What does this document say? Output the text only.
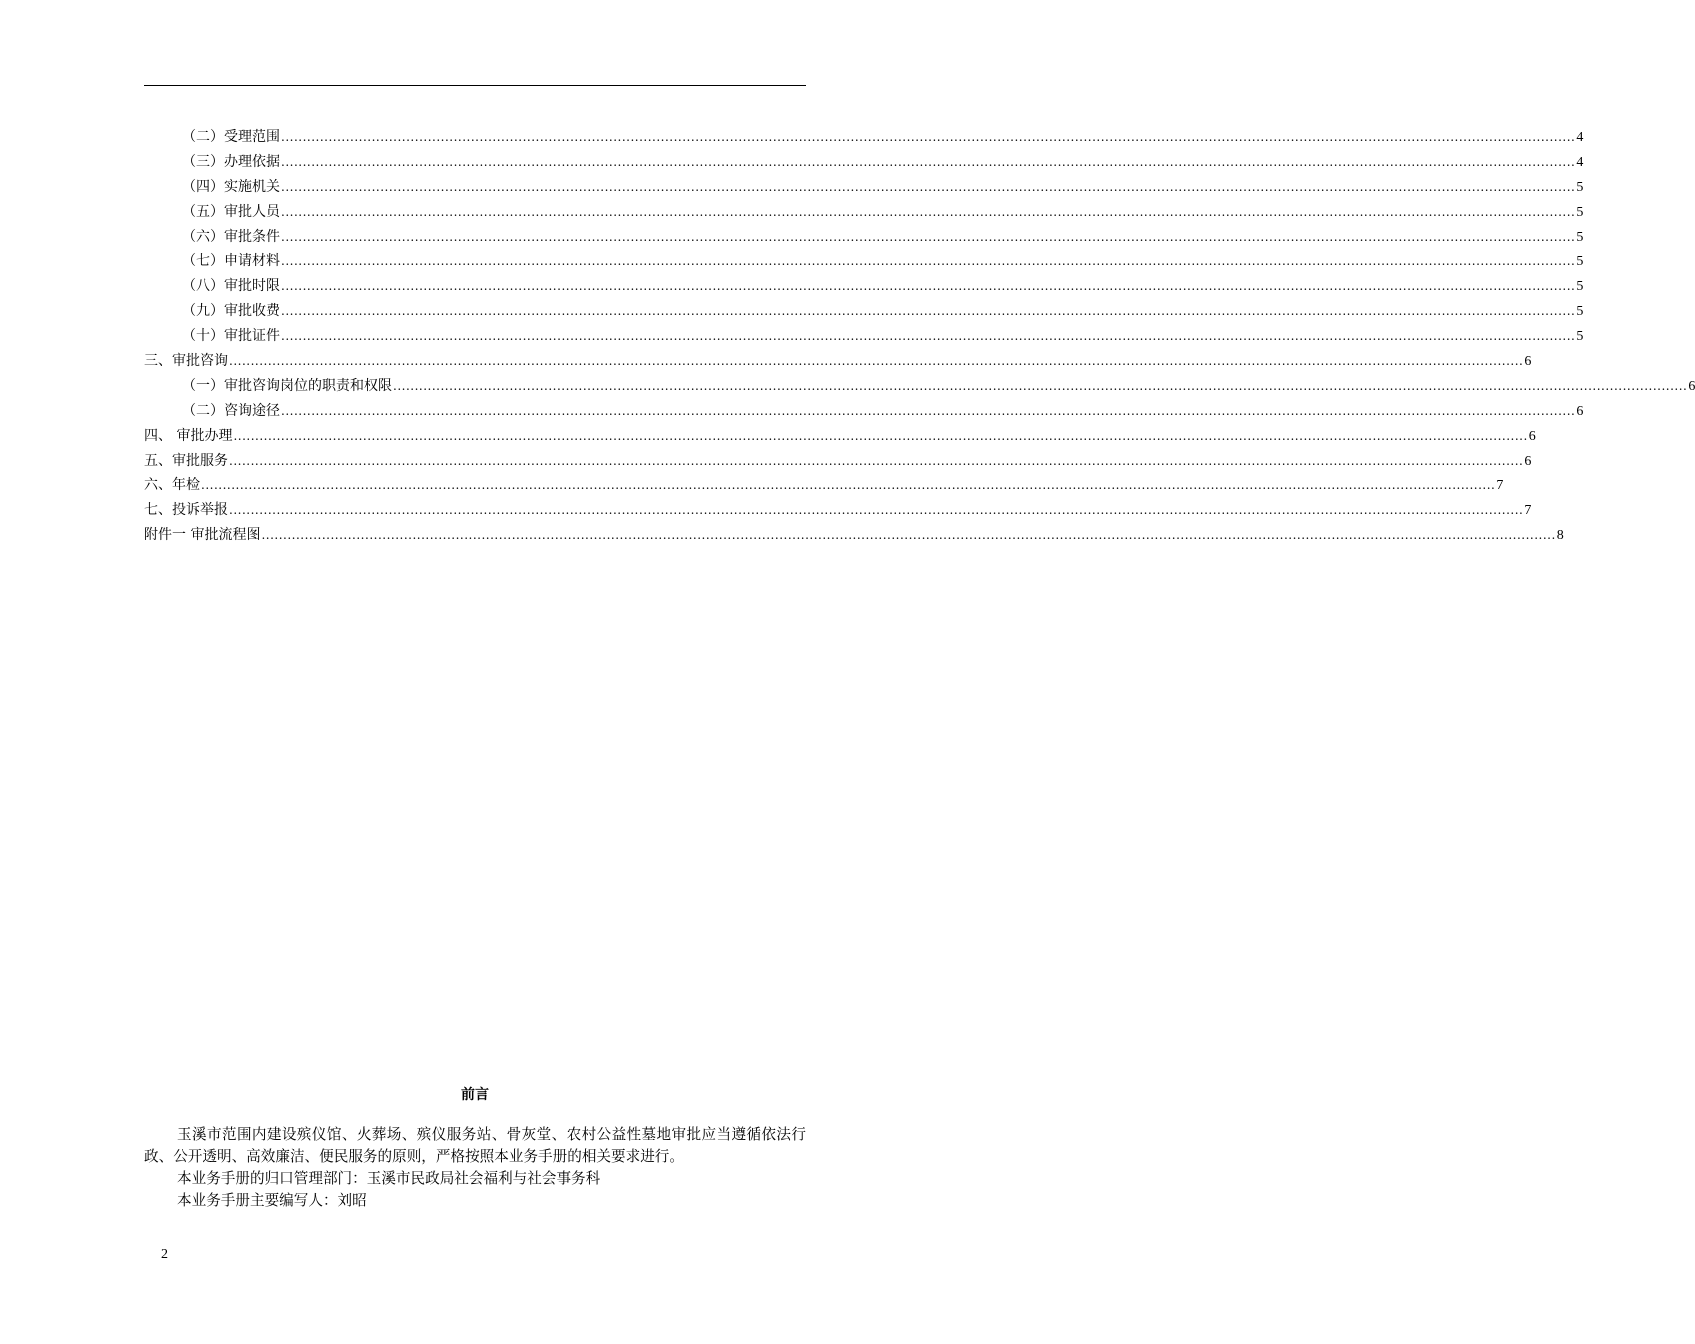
（二）受理范围 ............................................................................................................................................................................................................................................................................................................ 4
（三）办理依据 ............................................................................................................................................................................................................................................................................................................ 4
（四）实施机关 ............................................................................................................................................................................................................................................................................................................ 5
（五）审批人员 ............................................................................................................................................................................................................................................................................................................ 5
（六）审批条件 ............................................................................................................................................................................................................................................................................................................ 5
（七）申请材料 ............................................................................................................................................................................................................................................................................................................ 5
（八）审批时限 ............................................................................................................................................................................................................................................................................................................ 5
（九）审批收费 ............................................................................................................................................................................................................................................................................................................ 5
（十）审批证件 ............................................................................................................................................................................................................................................................................................................ 5
三、审批咨询 ............................................................................................................................................................................................................................................................................................................ 6
（一）审批咨询岗位的职责和权限 ............................................................................................................................................................................................................................................................................................................ 6
（二）咨询途径 ............................................................................................................................................................................................................................................................................................................ 6
四、 审批办理 ............................................................................................................................................................................................................................................................................................................ 6
五、审批服务 ............................................................................................................................................................................................................................................................................................................ 6
六、年检 ............................................................................................................................................................................................................................................................................................................ 7
七、投诉举报 ............................................................................................................................................................................................................................................................................................................ 7
附件一 审批流程图 ............................................................................................................................................................................................................................................................................................................ 8
前言

玉溪市范围内建设殡仪馆、火葬场、殡仪服务站、骨灰堂、农村公益性墓地审批应当遵循依法行政、公开透明、高效廉洁、便民服务的原则，严格按照本业务手册的相关要求进行。

本业务手册的归口管理部门：玉溪市民政局社会福利与社会事务科

本业务手册主要编写人：刘昭

2
